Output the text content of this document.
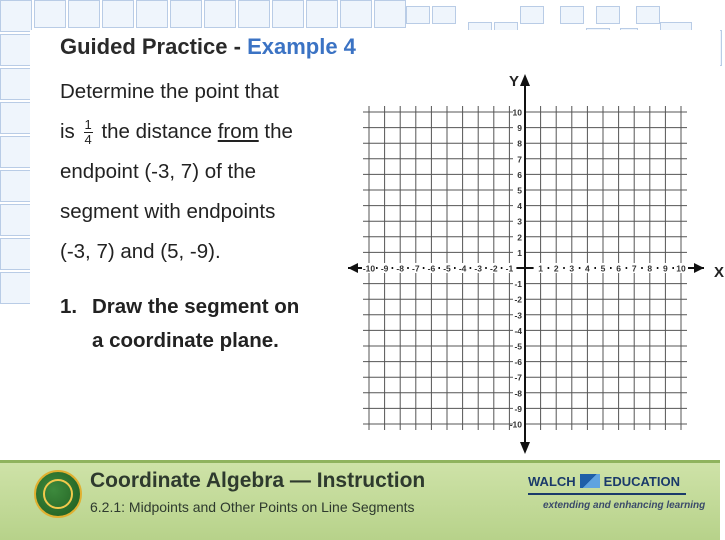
Guided Practice - Example 4
Determine the point that
is $\frac{1}{4}$ the distance from the
endpoint (-3, 7) of the
segment with endpoints
(-3, 7) and (5, -9).
1. Draw the segment on
a coordinate plane.
X
Y
-10 -9 -8 -7 -6 -5 -4 -3 -2 -1	1 2 3 4 5 6 7 8 9 10
10
9
8
7
6
5
4
3
2
1
-1
-2
-3
-4
-5
-6
-7
-8
-9
-10
Coordinate Algebra — Instruction
6.2.1: Midpoints and Other Points on Line Segments
WALCH EDUCATION
extending and enhancing learning
